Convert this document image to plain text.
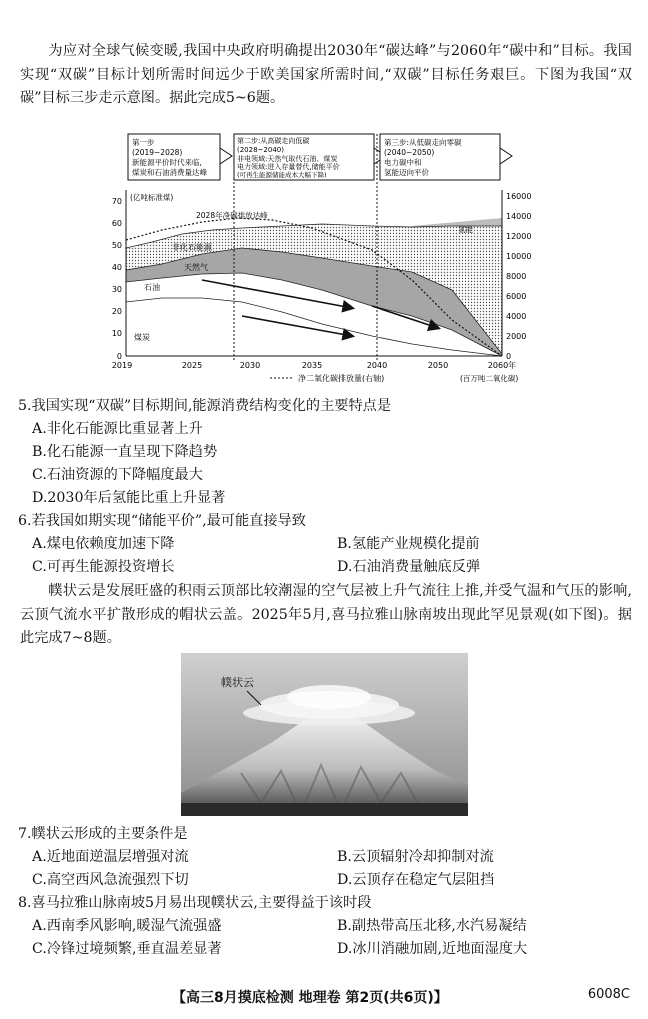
为应对全球气候变暖,我国中央政府明确提出2030年“碳达峰”与2060年“碳中和”目标。我国实现“双碳”目标计划所需时间远少于欧美国家所需时间,“双碳”目标任务艰巨。下图为我国“双碳”目标三步走示意图。据此完成5~6题。
第一步
(2019~2028)
新能源平价时代来临,
煤炭和石油消费量达峰
第二步:从高碳走向低碳
(2028~2040)
非电领域:天然气取代石油、煤炭
电力领域:进入存量替代,储能平价
(可再生能源储能成本大幅下降)
第三步:从低碳走向零碳
(2040~2050)
电力碳中和
氢能迈向平价
(亿吨标准煤)
2028年净碳排放达峰
氢能
非化石能源
天然气
石油
煤炭
2019	2025	2030	2035	2040	2050	2060年
0
10
20
30
40
50
60
70
0
2000
4000
6000
8000
10000
12000
14000
16000
净二氧化碳排放量(右轴)	(百万吨二氧化碳)
5.我国实现“双碳”目标期间,能源消费结构变化的主要特点是
A.非化石能源比重显著上升
B.化石能源一直呈现下降趋势
C.石油资源的下降幅度最大
D.2030年后氢能比重上升显著
6.若我国如期实现“储能平价”,最可能直接导致
A.煤电依赖度加速下降	B.氢能产业规模化提前
C.可再生能源投资增长	D.石油消费量触底反弹
幞状云是发展旺盛的积雨云顶部比较潮湿的空气层被上升气流往上推,并受气温和气压的影响,云顶气流水平扩散形成的帽状云盖。2025年5月,喜马拉雅山脉南坡出现此罕见景观(如下图)。据此完成7~8题。
幞状云
7.幞状云形成的主要条件是
A.近地面逆温层增强对流	B.云顶辐射冷却抑制对流
C.高空西风急流强烈下切	D.云顶存在稳定气层阻挡
8.喜马拉雅山脉南坡5月易出现幞状云,主要得益于该时段
A.西南季风影响,暖湿气流强盛	B.副热带高压北移,水汽易凝结
C.冷锋过境频繁,垂直温差显著	D.冰川消融加剧,近地面湿度大
【高三8月摸底检测 地理卷 第2页(共6页)】	6008C
